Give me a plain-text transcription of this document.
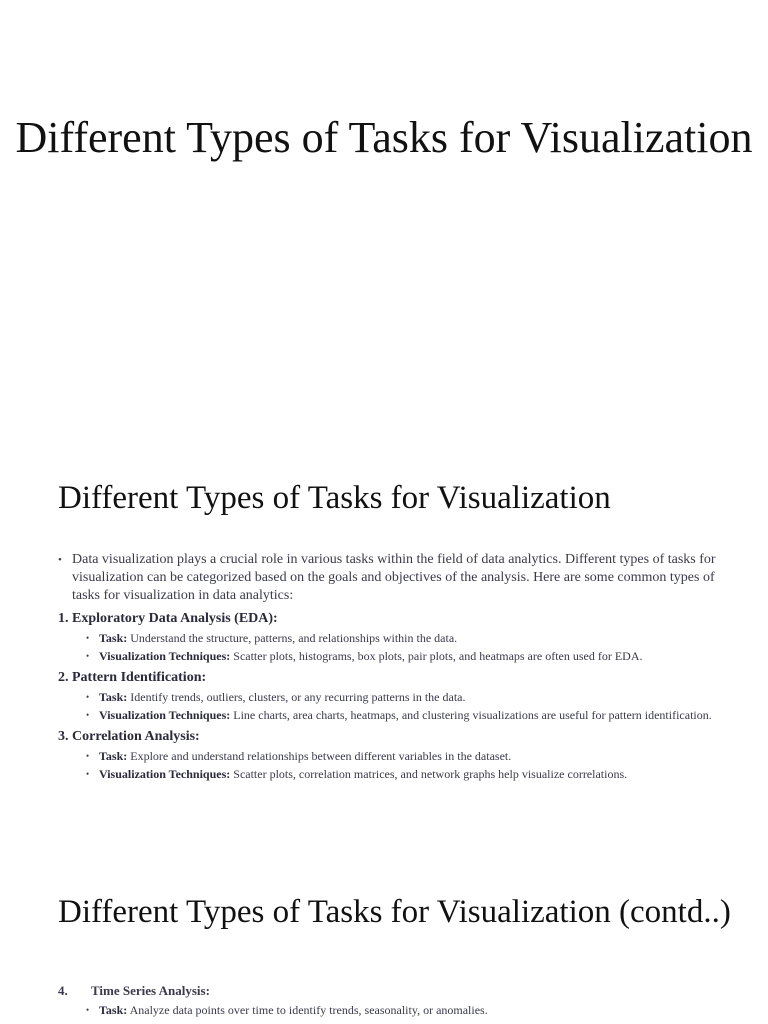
Different Types of Tasks for Visualization
Different Types of Tasks for Visualization
• Data visualization plays a crucial role in various tasks within the field of data analytics. Different types of tasks for visualization can be categorized based on the goals and objectives of the analysis. Here are some common types of tasks for visualization in data analytics:
1. Exploratory Data Analysis (EDA):
• Task: Understand the structure, patterns, and relationships within the data.
• Visualization Techniques: Scatter plots, histograms, box plots, pair plots, and heatmaps are often used for EDA.
2. Pattern Identification:
• Task: Identify trends, outliers, clusters, or any recurring patterns in the data.
• Visualization Techniques: Line charts, area charts, heatmaps, and clustering visualizations are useful for pattern identification.
3. Correlation Analysis:
• Task: Explore and understand relationships between different variables in the dataset.
• Visualization Techniques: Scatter plots, correlation matrices, and network graphs help visualize correlations.
Different Types of Tasks for Visualization (contd..)
4. Time Series Analysis:
• Task: Analyze data points over time to identify trends, seasonality, or anomalies.
